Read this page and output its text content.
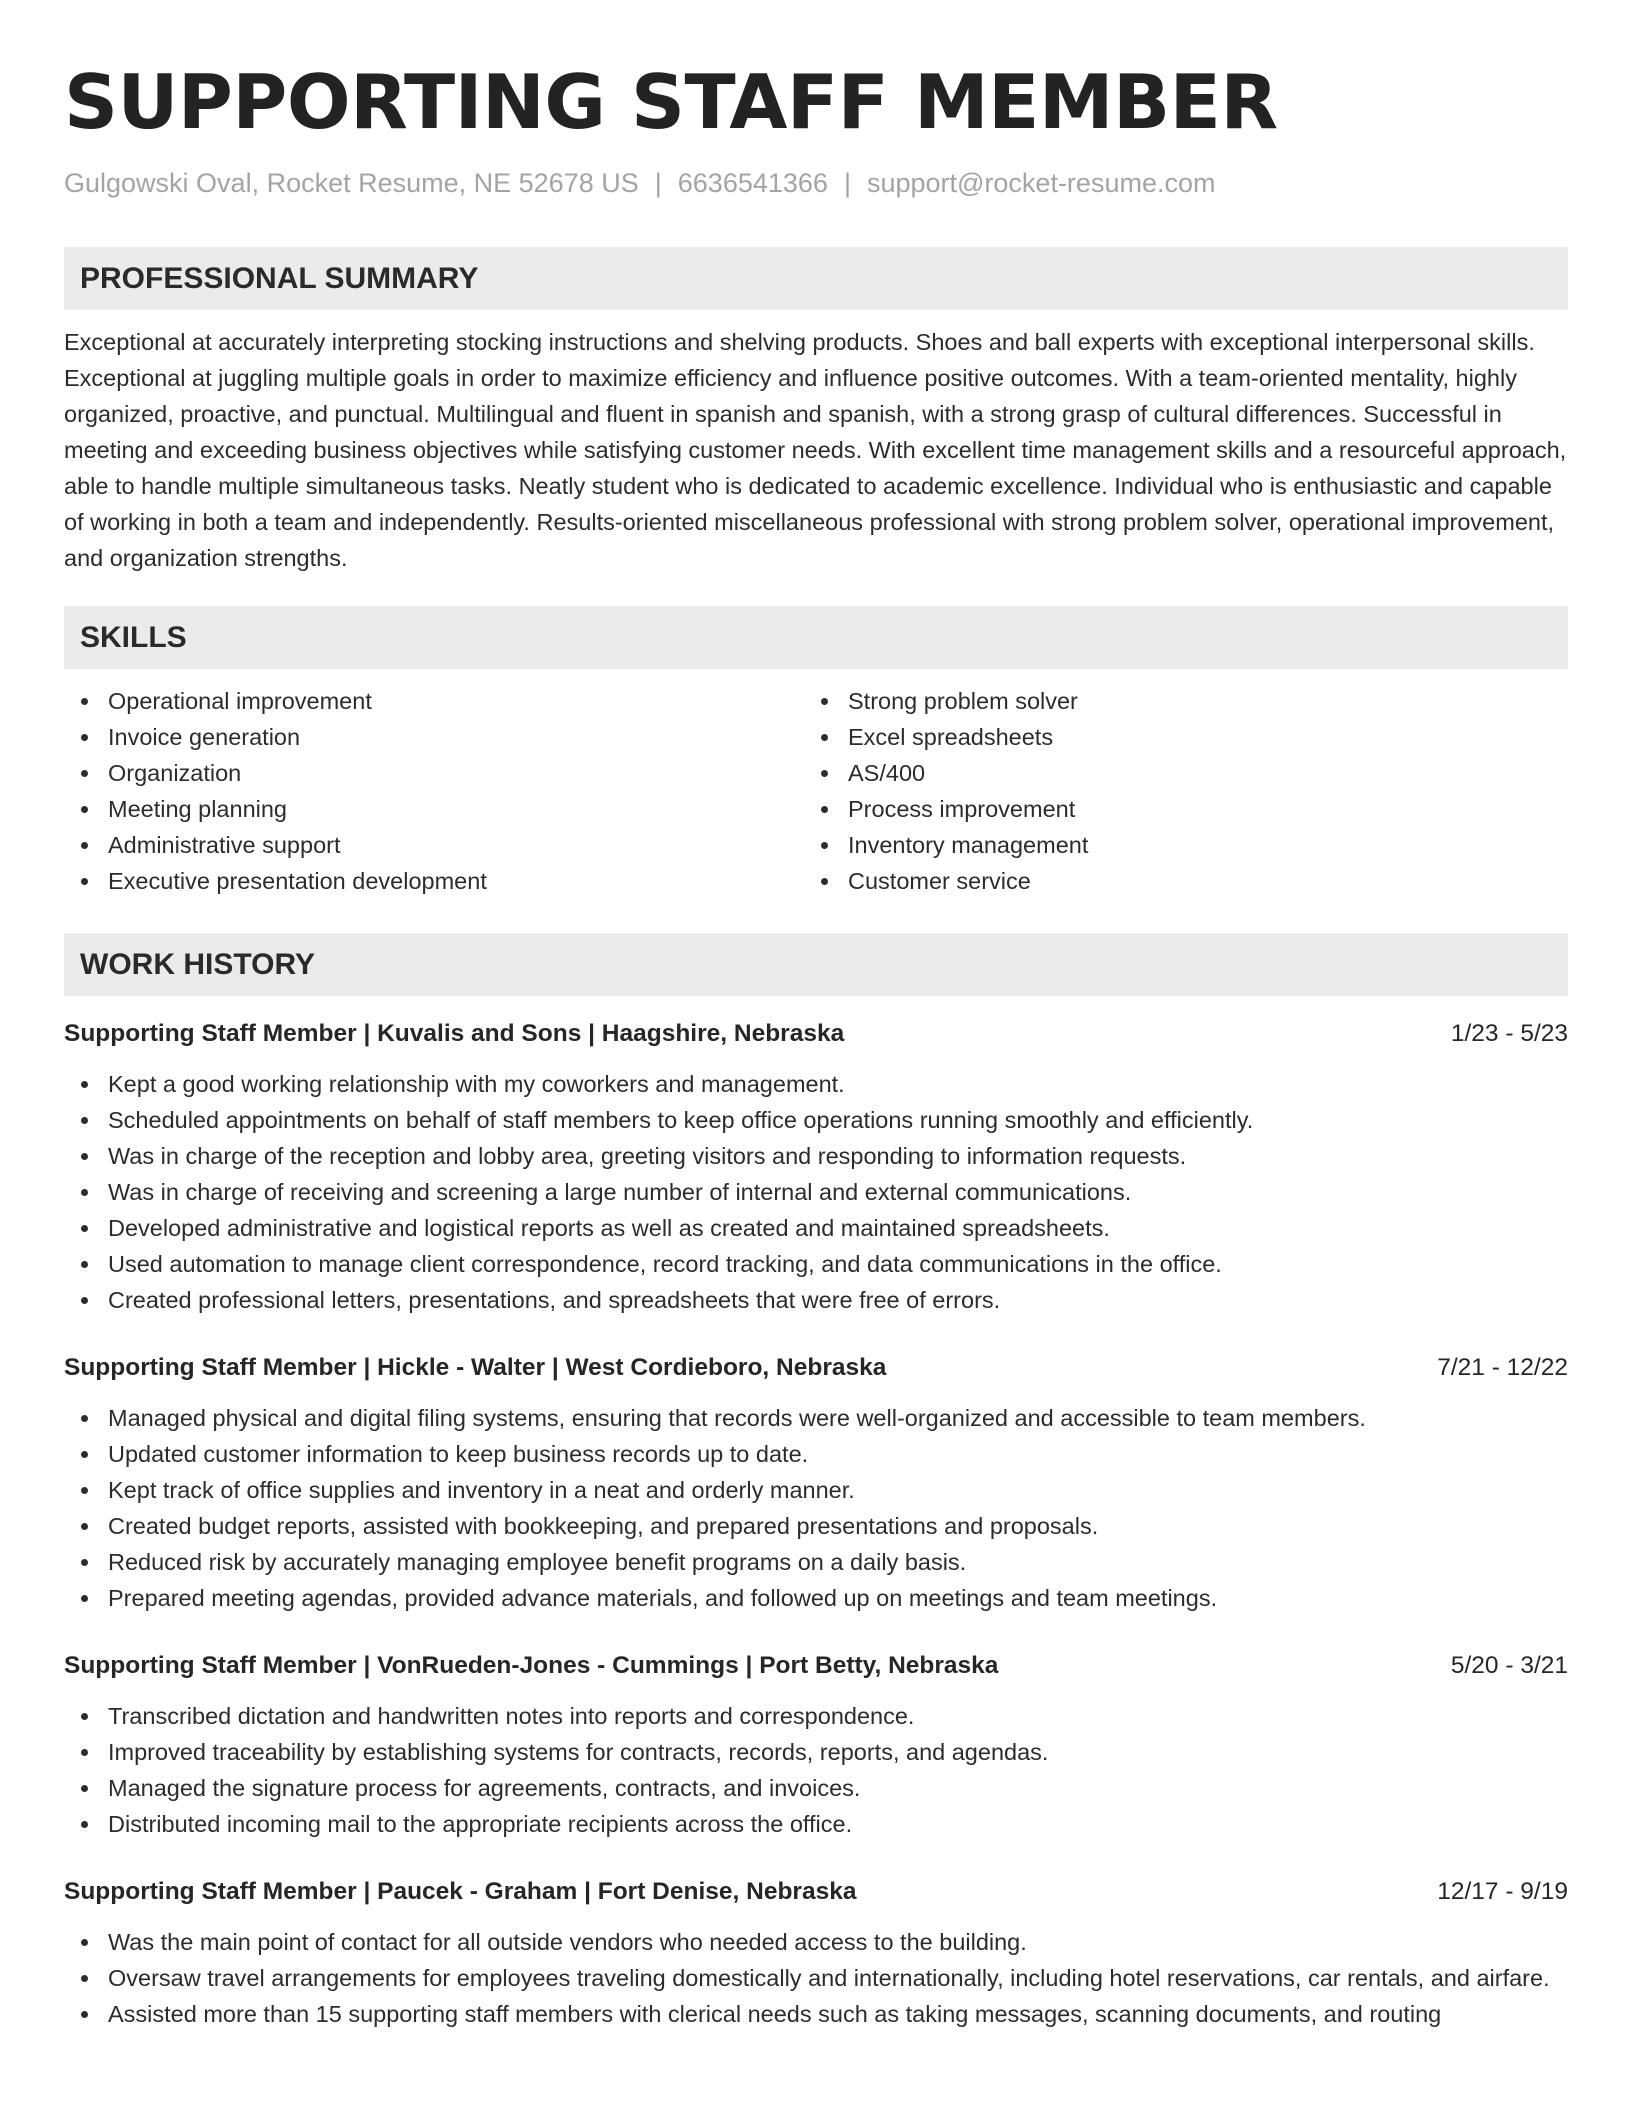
SUPPORTING STAFF MEMBER
Gulgowski Oval, Rocket Resume, NE 52678 US | 6636541366 | support@rocket-resume.com
PROFESSIONAL SUMMARY

Exceptional at accurately interpreting stocking instructions and shelving products. Shoes and ball experts with exceptional interpersonal skills. Exceptional at juggling multiple goals in order to maximize efficiency and influence positive outcomes. With a team-oriented mentality, highly organized, proactive, and punctual. Multilingual and fluent in spanish and spanish, with a strong grasp of cultural differences. Successful in meeting and exceeding business objectives while satisfying customer needs. With excellent time management skills and a resourceful approach, able to handle multiple simultaneous tasks. Neatly student who is dedicated to academic excellence. Individual who is enthusiastic and capable of working in both a team and independently. Results-oriented miscellaneous professional with strong problem solver, operational improvement, and organization strengths.

SKILLS
Operational improvement
Invoice generation
Organization
Meeting planning
Administrative support
Executive presentation development
Strong problem solver
Excel spreadsheets
AS/400
Process improvement
Inventory management
Customer service
WORK HISTORY
Supporting Staff Member | Kuvalis and Sons | Haagshire, Nebraska	1/23 - 5/23
Kept a good working relationship with my coworkers and management.
Scheduled appointments on behalf of staff members to keep office operations running smoothly and efficiently.
Was in charge of the reception and lobby area, greeting visitors and responding to information requests.
Was in charge of receiving and screening a large number of internal and external communications.
Developed administrative and logistical reports as well as created and maintained spreadsheets.
Used automation to manage client correspondence, record tracking, and data communications in the office.
Created professional letters, presentations, and spreadsheets that were free of errors.
Supporting Staff Member | Hickle - Walter | West Cordieboro, Nebraska	7/21 - 12/22
Managed physical and digital filing systems, ensuring that records were well-organized and accessible to team members.
Updated customer information to keep business records up to date.
Kept track of office supplies and inventory in a neat and orderly manner.
Created budget reports, assisted with bookkeeping, and prepared presentations and proposals.
Reduced risk by accurately managing employee benefit programs on a daily basis.
Prepared meeting agendas, provided advance materials, and followed up on meetings and team meetings.
Supporting Staff Member | VonRueden-Jones - Cummings | Port Betty, Nebraska	5/20 - 3/21
Transcribed dictation and handwritten notes into reports and correspondence.
Improved traceability by establishing systems for contracts, records, reports, and agendas.
Managed the signature process for agreements, contracts, and invoices.
Distributed incoming mail to the appropriate recipients across the office.
Supporting Staff Member | Paucek - Graham | Fort Denise, Nebraska	12/17 - 9/19
Was the main point of contact for all outside vendors who needed access to the building.
Oversaw travel arrangements for employees traveling domestically and internationally, including hotel reservations, car rentals, and airfare.
Assisted more than 15 supporting staff members with clerical needs such as taking messages, scanning documents, and routing
